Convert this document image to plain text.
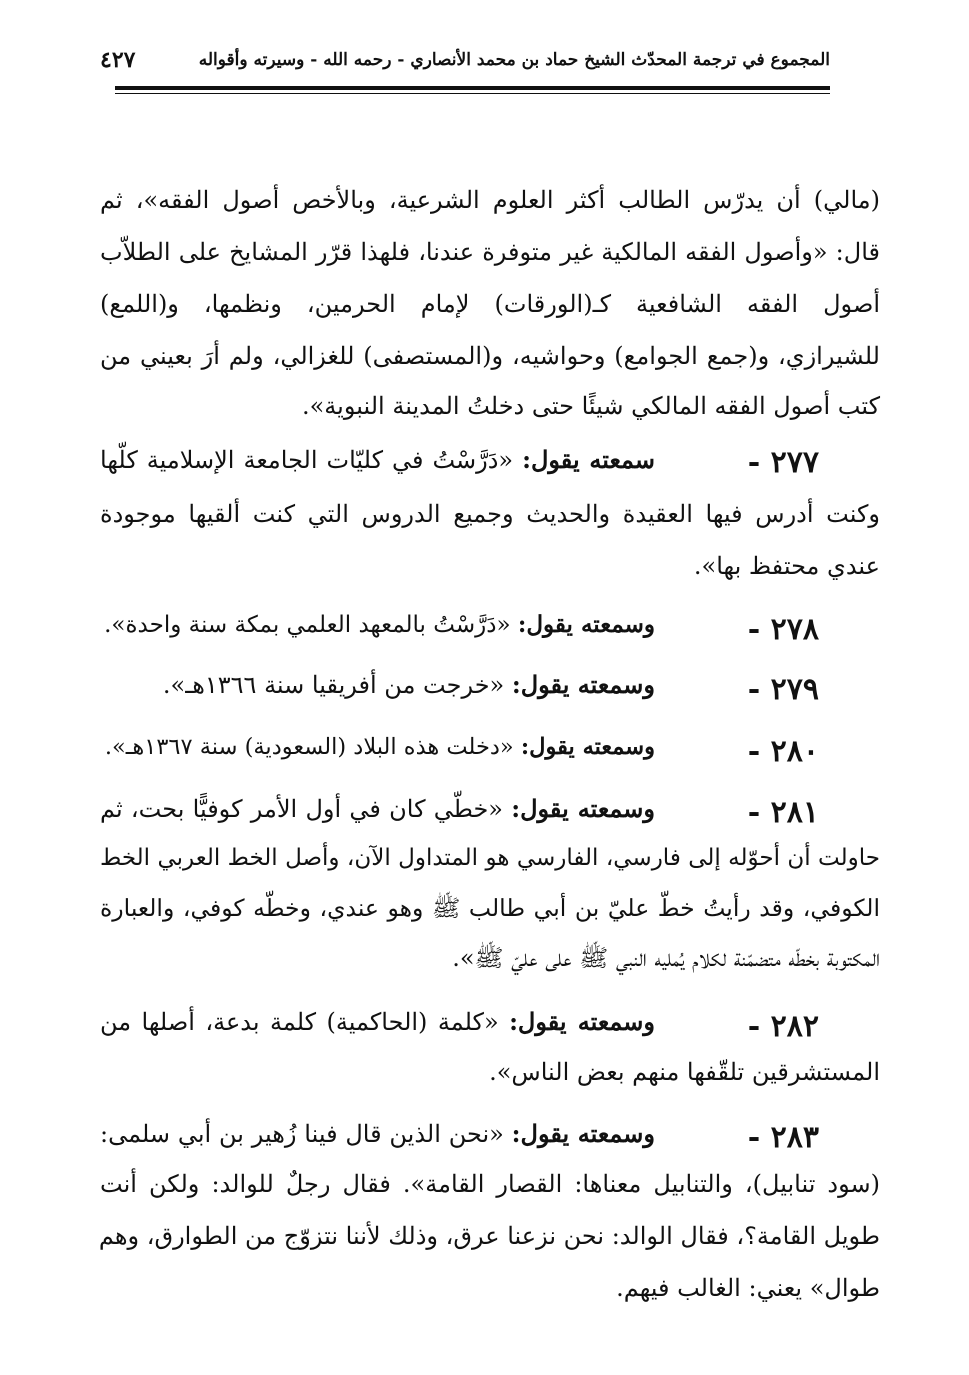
المجموع في ترجمة المحدّث الشيخ حماد بن محمد الأنصاري - رحمه الله - وسيرته وأقواله
٤٢٧
(مالي) أن يدرّس الطالب أكثر العلوم الشرعية، وبالأخص أصول الفقه»، ثم
قال: «وأصول الفقه المالكية غير متوفرة عندنا، فلهذا قرّر المشايخ على الطلاّب
أصول الفقه الشافعية كـ(الورقات) لإمام الحرمين، ونظمها، و(اللمع)
للشيرازي، و(جمع الجوامع) وحواشيه، و(المستصفى) للغزالي، ولم أرَ بعيني من
كتب أصول الفقه المالكي شيئًا حتى دخلتُ المدينة النبوية».
٢٧٧ -
سمعته يقول: «دَرَّسْتُ في كليّات الجامعة الإسلامية كلّها
وكنت أدرس فيها العقيدة والحديث وجميع الدروس التي كنت ألقيها موجودة
عندي محتفظ بها».
٢٧٨ -
وسمعته يقول: «دَرَّسْتُ بالمعهد العلمي بمكة سنة واحدة».
٢٧٩ -
وسمعته يقول: «خرجت من أفريقيا سنة ١٣٦٦هـ».
٢٨٠ -
وسمعته يقول: «دخلت هذه البلاد (السعودية) سنة ١٣٦٧هـ».
٢٨١ -
وسمعته يقول: «خطّي كان في أول الأمر كوفيًّا بحت، ثم
حاولت أن أحوّله إلى فارسي، الفارسي هو المتداول الآن، وأصل الخط العربي الخط
الكوفي، وقد رأيتُ خطّ عليّ بن أبي طالب ﷺ وهو عندي، وخطّه كوفي، والعبارة
المكتوبة بخطّه متضمّنة لكلام يُمليه النبي ﷺ على عليّ ﷺ».
٢٨٢ -
وسمعته يقول: «كلمة (الحاكمية) كلمة بدعة، أصلها من
المستشرقين تلقّفها منهم بعض الناس».
٢٨٣ -
وسمعته يقول: «نحن الذين قال فينا زُهير بن أبي سلمى:
(سود تنابيل)، والتنابيل معناها: القصار القامة». فقال رجلٌ للوالد: ولكن أنت
طويل القامة؟، فقال الوالد: نحن نزعنا عرق، وذلك لأننا نتزوّج من الطوارق، وهم
طوال» يعني: الغالب فيهم.
